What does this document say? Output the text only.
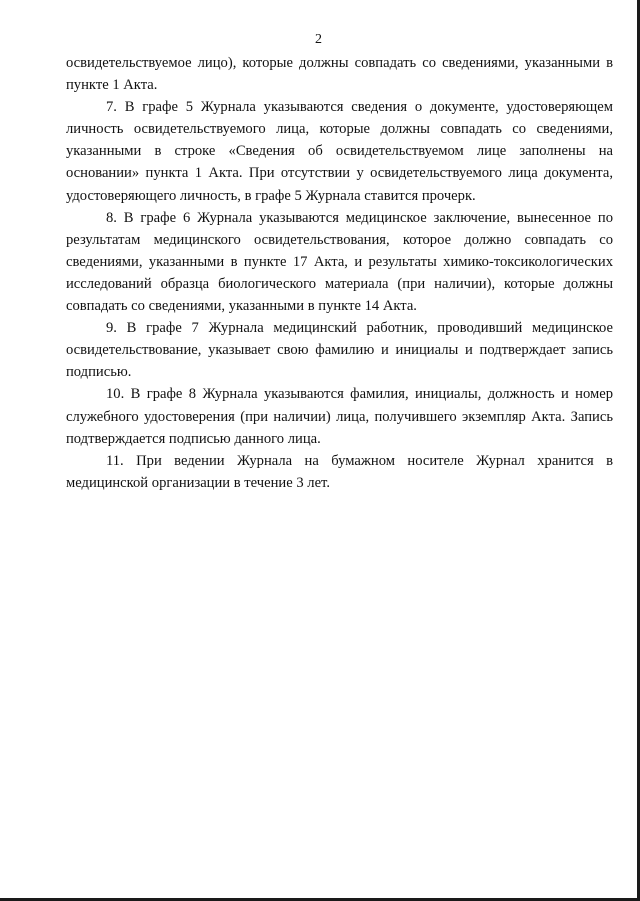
2

освидетельствуемое лицо), которые должны совпадать со сведениями, указанными в пункте 1 Акта.

7. В графе 5 Журнала указываются сведения о документе, удостоверяющем личность освидетельствуемого лица, которые должны совпадать со сведениями, указанными в строке «Сведения об освидетельствуемом лице заполнены на основании» пункта 1 Акта. При отсутствии у освидетельствуемого лица документа, удостоверяющего личность, в графе 5 Журнала ставится прочерк.

8. В графе 6 Журнала указываются медицинское заключение, вынесенное по результатам медицинского освидетельствования, которое должно совпадать со сведениями, указанными в пункте 17 Акта, и результаты химико-токсикологических исследований образца биологического материала (при наличии), которые должны совпадать со сведениями, указанными в пункте 14 Акта.

9. В графе 7 Журнала медицинский работник, проводивший медицинское освидетельствование, указывает свою фамилию и инициалы и подтверждает запись подписью.

10. В графе 8 Журнала указываются фамилия, инициалы, должность и номер служебного удостоверения (при наличии) лица, получившего экземпляр Акта. Запись подтверждается подписью данного лица.

11. При ведении Журнала на бумажном носителе Журнал хранится в медицинской организации в течение 3 лет.
